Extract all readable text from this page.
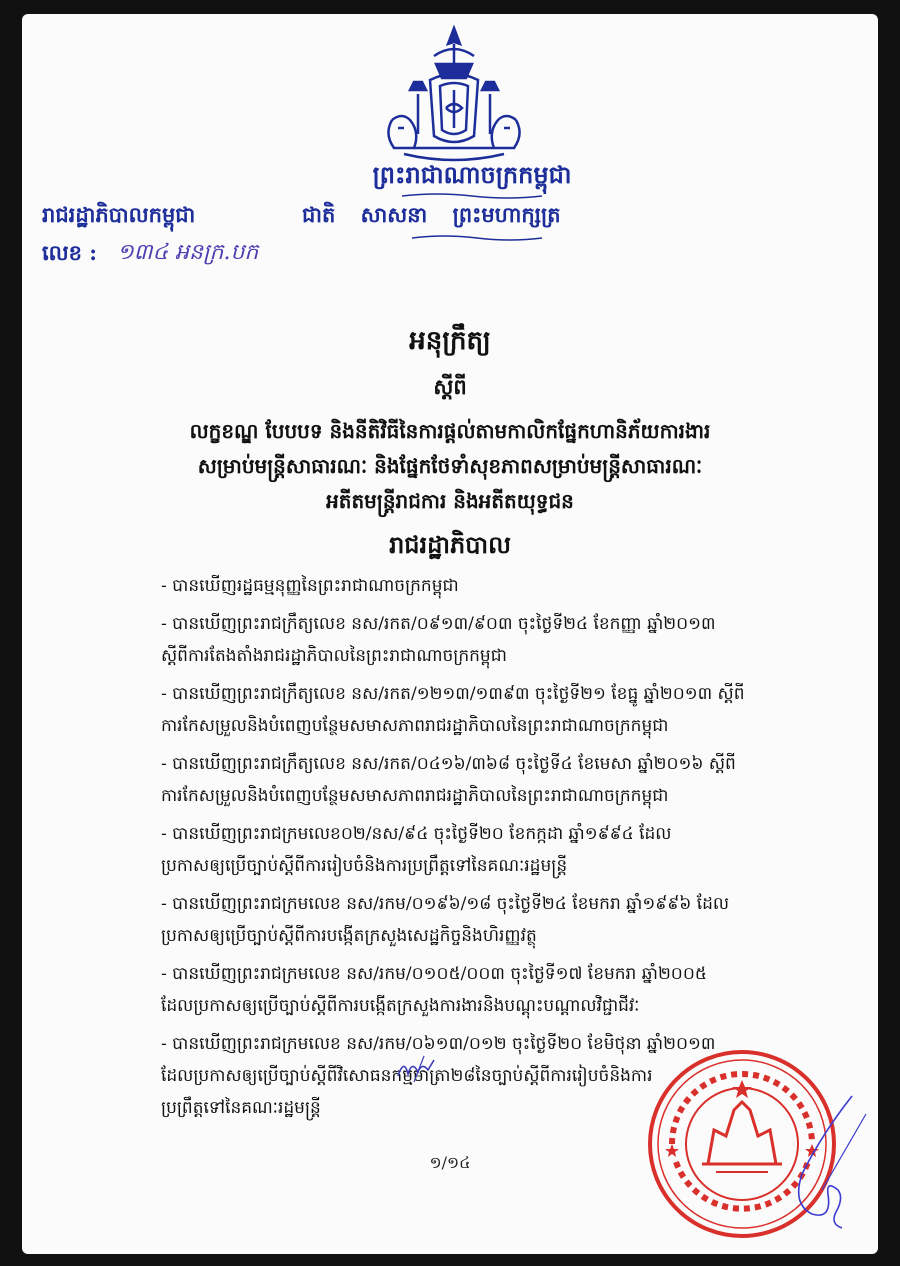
ព្រះរាជាណាចក្រកម្ពុជា
រាជរដ្ឋាភិបាលកម្ពុជា	ជាតិ សាសនា ព្រះមហាក្សត្រ
លេខ : ១៣៤ អនក្រ.បក
អនុក្រឹត្យ
ស្តីពី
លក្ខខណ្ឌ បែបបទ និងនីតិវិធីនៃការផ្តល់តាមកាលិកផ្នែកហានិភ័យការងារ
សម្រាប់មន្ត្រីសាធារណៈ និងផ្នែកថែទាំសុខភាពសម្រាប់មន្ត្រីសាធារណៈ
អតីតមន្ត្រីរាជការ និងអតីតយុទ្ធជន
រាជរដ្ឋាភិបាល
- បានឃើញរដ្ឋធម្មនុញ្ញនៃព្រះរាជាណាចក្រកម្ពុជា
- បានឃើញព្រះរាជក្រឹត្យលេខ នស/រកត/០៩១៣/៩០៣ ចុះថ្ងៃទី២៤ ខែកញ្ញា ឆ្នាំ២០១៣
ស្តីពីការតែងតាំងរាជរដ្ឋាភិបាលនៃព្រះរាជាណាចក្រកម្ពុជា
- បានឃើញព្រះរាជក្រឹត្យលេខ នស/រកត/១២១៣/១៣៩៣ ចុះថ្ងៃទី២១ ខែធ្នូ ឆ្នាំ២០១៣ ស្តីពី
ការកែសម្រួលនិងបំពេញបន្ថែមសមាសភាពរាជរដ្ឋាភិបាលនៃព្រះរាជាណាចក្រកម្ពុជា
- បានឃើញព្រះរាជក្រឹត្យលេខ នស/រកត/០៤១៦/៣៦៨ ចុះថ្ងៃទី៤ ខែមេសា ឆ្នាំ២០១៦ ស្តីពី
ការកែសម្រួលនិងបំពេញបន្ថែមសមាសភាពរាជរដ្ឋាភិបាលនៃព្រះរាជាណាចក្រកម្ពុជា
- បានឃើញព្រះរាជក្រមលេខ០២/នស/៩៤ ចុះថ្ងៃទី២០ ខែកក្កដា ឆ្នាំ១៩៩៤ ដែល
ប្រកាសឲ្យប្រើច្បាប់ស្តីពីការរៀបចំនិងការប្រព្រឹត្តទៅនៃគណៈរដ្ឋមន្ត្រី
- បានឃើញព្រះរាជក្រមលេខ នស/រកម/០១៩៦/១៨ ចុះថ្ងៃទី២៤ ខែមករា ឆ្នាំ១៩៩៦ ដែល
ប្រកាសឲ្យប្រើច្បាប់ស្តីពីការបង្កើតក្រសួងសេដ្ឋកិច្ចនិងហិរញ្ញវត្ថុ
- បានឃើញព្រះរាជក្រមលេខ នស/រកម/០១០៥/០០៣ ចុះថ្ងៃទី១៧ ខែមករា ឆ្នាំ២០០៥
ដែលប្រកាសឲ្យប្រើច្បាប់ស្តីពីការបង្កើតក្រសួងការងារនិងបណ្តុះបណ្តាលវិជ្ជាជីវៈ
- បានឃើញព្រះរាជក្រមលេខ នស/រកម/០៦១៣/០១២ ចុះថ្ងៃទី២០ ខែមិថុនា ឆ្នាំ២០១៣
ដែលប្រកាសឲ្យប្រើច្បាប់ស្តីពីវិសោធនកម្មមាត្រា២៨នៃច្បាប់ស្តីពីការរៀបចំនិងការ
ប្រព្រឹត្តទៅនៃគណៈរដ្ឋមន្ត្រី
១/១៤
